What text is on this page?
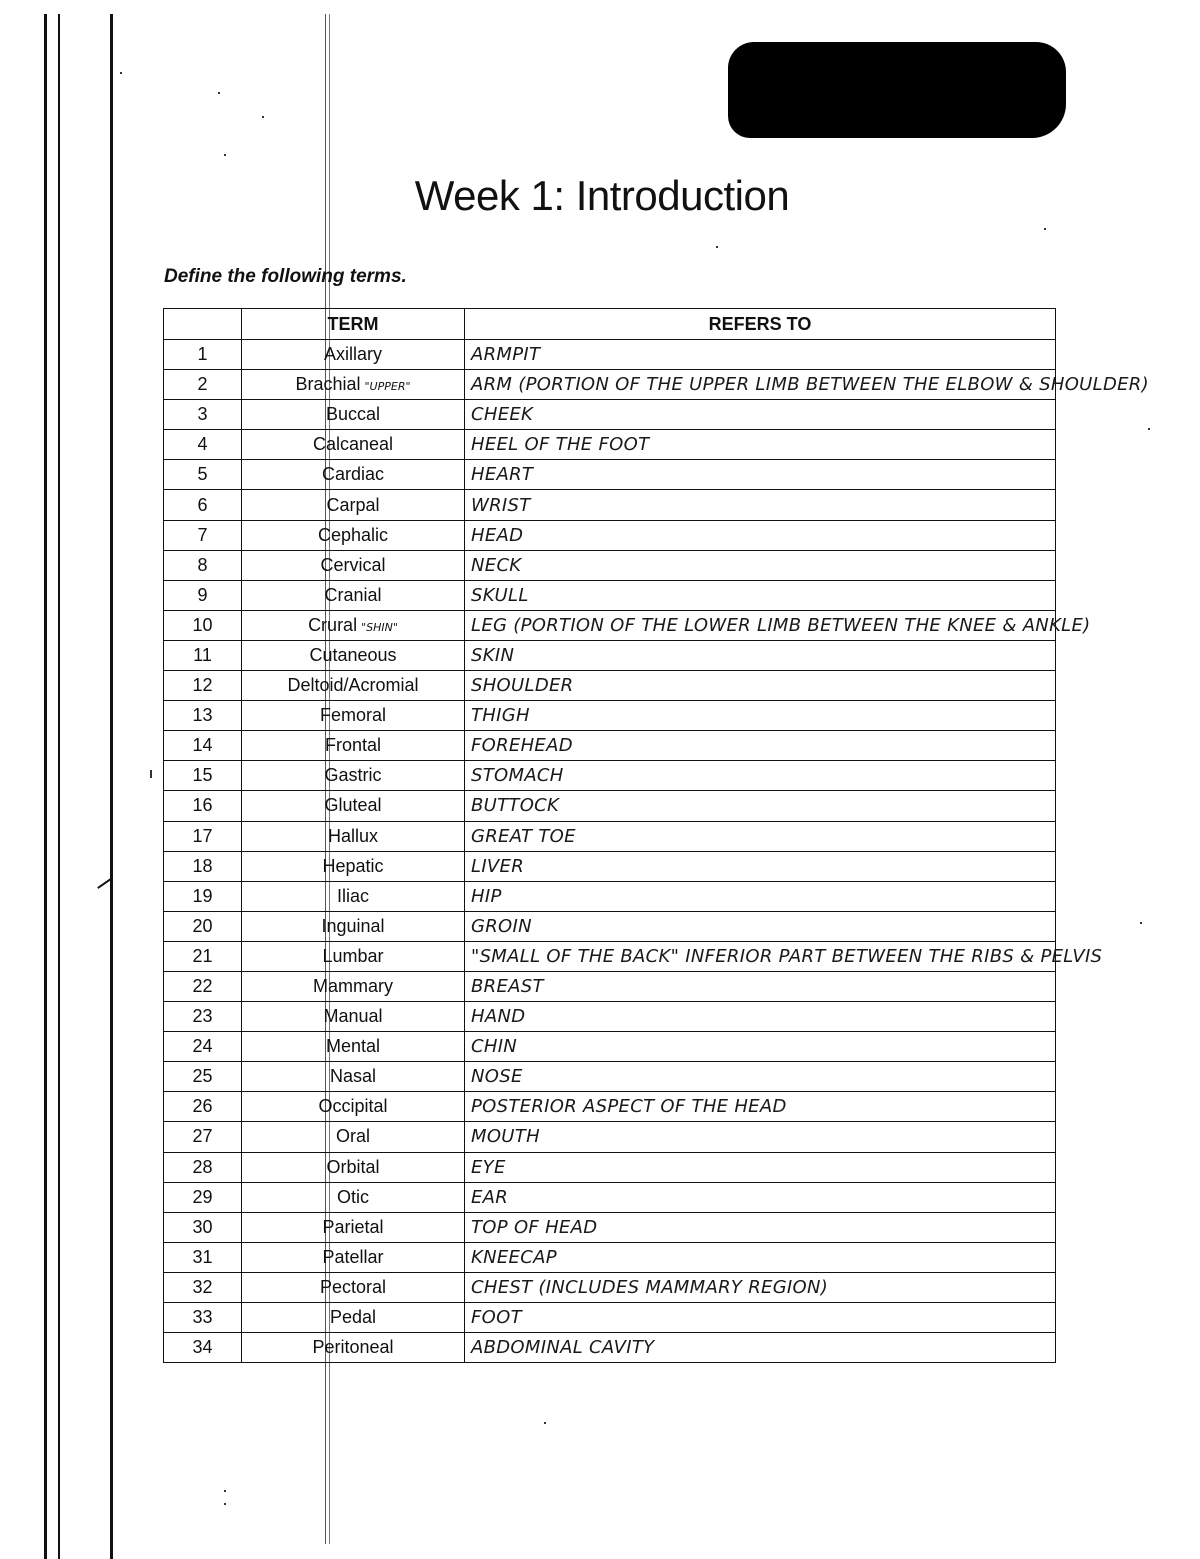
Week 1: Introduction
Define the following terms.
	TERM	REFERS TO
1	Axillary	ARMPIT
2	Brachial "UPPER"	ARM (PORTION OF THE UPPER LIMB BETWEEN THE ELBOW & SHOULDER)
3	Buccal	CHEEK
4	Calcaneal	HEEL OF THE FOOT
5	Cardiac	HEART
6	Carpal	WRIST
7	Cephalic	HEAD
8	Cervical	NECK
9	Cranial	SKULL
10	Crural "SHIN"	LEG (PORTION OF THE LOWER LIMB BETWEEN THE KNEE & ANKLE)
11	Cutaneous	SKIN
12	Deltoid/Acromial	SHOULDER
13	Femoral	THIGH
14	Frontal	FOREHEAD
15	Gastric	STOMACH
16	Gluteal	BUTTOCK
17	Hallux	GREAT TOE
18	Hepatic	LIVER
19	Iliac	HIP
20	Inguinal	GROIN
21	Lumbar	"SMALL OF THE BACK" INFERIOR PART BETWEEN THE RIBS & PELVIS
22	Mammary	BREAST
23	Manual	HAND
24	Mental	CHIN
25	Nasal	NOSE
26	Occipital	POSTERIOR ASPECT OF THE HEAD
27	Oral	MOUTH
28	Orbital	EYE
29	Otic	EAR
30	Parietal	TOP OF HEAD
31	Patellar	KNEECAP
32	Pectoral	CHEST (INCLUDES MAMMARY REGION)
33	Pedal	FOOT
34	Peritoneal	ABDOMINAL CAVITY
